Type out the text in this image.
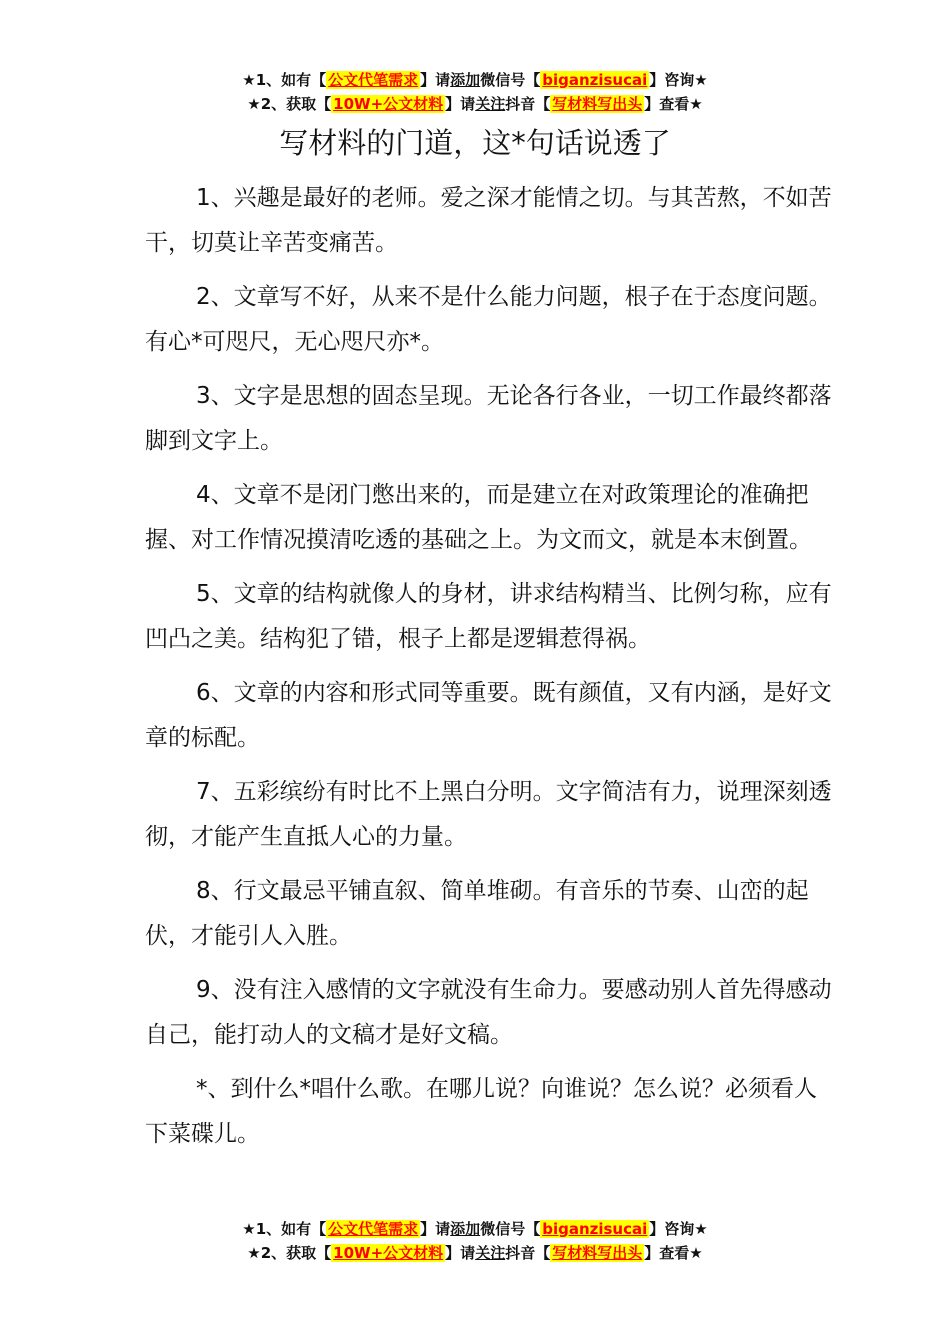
★1、如有【 公文代笔需求 】请添加微信号【 biganzisucai 】咨询★
★2、获取【 10W+公文材料 】请关注抖音【 写材料写出头 】查看★
写材料的门道，这*句话说透了

1、兴趣是最好的老师。爱之深才能情之切。与其苦熬，不如苦干，切莫让辛苦变痛苦。

2、文章写不好，从来不是什么能力问题，根子在于态度问题。有心*可咫尺，无心咫尺亦*。

3、文字是思想的固态呈现。无论各行各业，一切工作最终都落脚到文字上。

4、文章不是闭门憋出来的，而是建立在对政策理论的准确把握、对工作情况摸清吃透的基础之上。为文而文，就是本末倒置。

5、文章的结构就像人的身材，讲求结构精当、比例匀称，应有凹凸之美。结构犯了错，根子上都是逻辑惹得祸。

6、文章的内容和形式同等重要。既有颜值，又有内涵，是好文章的标配。

7、五彩缤纷有时比不上黑白分明。文字简洁有力，说理深刻透彻，才能产生直抵人心的力量。

8、行文最忌平铺直叙、简单堆砌。有音乐的节奏、山峦的起伏，才能引人入胜。

9、没有注入感情的文字就没有生命力。要感动别人首先得感动自己，能打动人的文稿才是好文稿。

*、到什么*唱什么歌。在哪儿说？向谁说？怎么说？必须看人下菜碟儿。

★1、如有【 公文代笔需求 】请添加微信号【 biganzisucai 】咨询★
★2、获取【 10W+公文材料 】请关注抖音【 写材料写出头 】查看★
